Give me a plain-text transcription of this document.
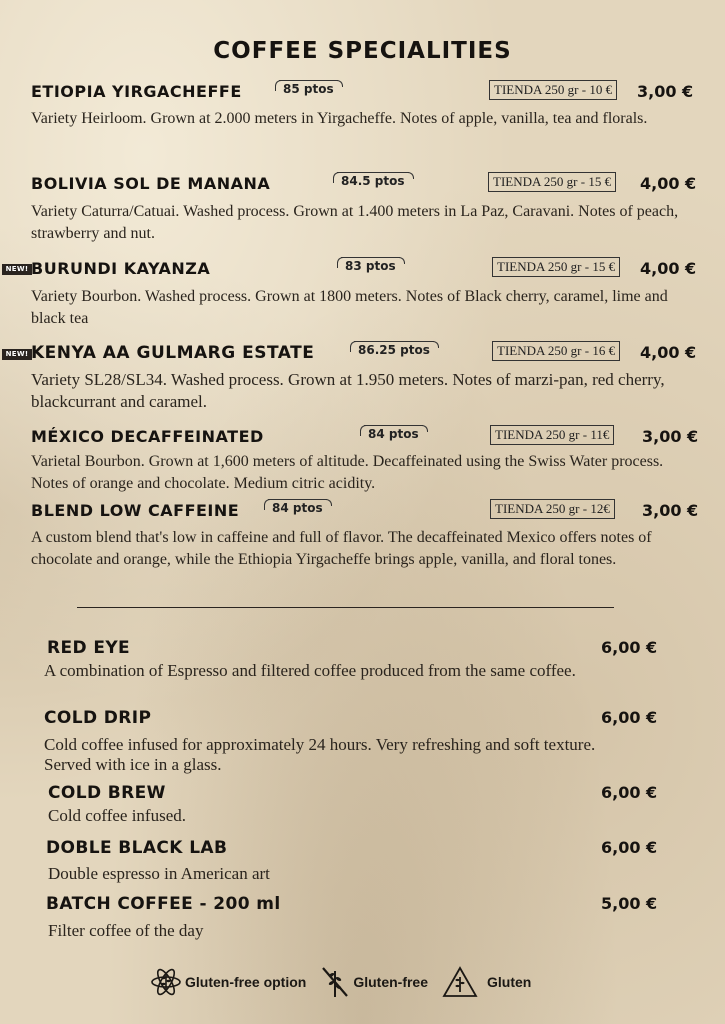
COFFEE SPECIALITIES
ETIOPIA YIRGACHEFFE	85 ptos	TIENDA 250 gr - 10 €	3,00 €
Variety Heirloom. Grown at 2.000 meters in Yirgacheffe. Notes of apple, vanilla, tea and florals.
BOLIVIA SOL DE MANANA	84.5 ptos	TIENDA 250 gr - 15 €	4,00 €
Variety Caturra/Catuai. Washed process. Grown at 1.400 meters in La Paz, Caravani. Notes of peach, strawberry and nut.
NEW! BURUNDI KAYANZA	83 ptos	TIENDA 250 gr - 15 €	4,00 €
Variety Bourbon. Washed process. Grown at 1800 meters. Notes of Black cherry, caramel, lime and black tea
NEW! KENYA AA GULMARG ESTATE	86.25 ptos	TIENDA 250 gr - 16 €	4,00 €
Variety SL28/SL34. Washed process. Grown at 1.950 meters. Notes of marzi-pan, red cherry, blackcurrant and caramel.
MÉXICO DECAFFEINATED	84 ptos	TIENDA 250 gr - 11€	3,00 €
Varietal Bourbon. Grown at 1,600 meters of altitude. Decaffeinated using the Swiss Water process. Notes of orange and chocolate. Medium citric acidity.
BLEND LOW CAFFEINE	84 ptos	TIENDA 250 gr - 12€	3,00 €
A custom blend that's low in caffeine and full of flavor. The decaffeinated Mexico offers notes of chocolate and orange, while the Ethiopia Yirgacheffe brings apple, vanilla, and floral tones.
RED EYE	6,00 €
A combination of Espresso and filtered coffee produced from the same coffee.
COLD DRIP	6,00 €
Cold coffee infused for approximately 24 hours. Very refreshing and soft texture. Served with ice in a glass.
COLD BREW	6,00 €
Cold coffee infused.
DOBLE BLACK LAB	6,00 €
Double espresso in American art
BATCH COFFEE - 200 ml	5,00 €
Filter coffee of the day
Gluten-free option	Gluten-free	Gluten
